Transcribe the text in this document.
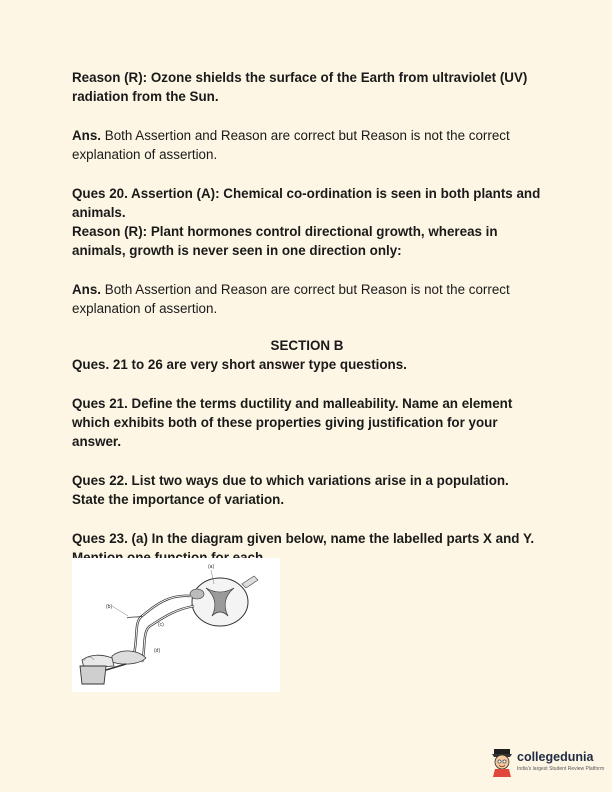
Reason (R): Ozone shields the surface of the Earth from ultraviolet (UV) radiation from the Sun.

Ans. Both Assertion and Reason are correct but Reason is not the correct explanation of assertion.

Ques 20. Assertion (A): Chemical co-ordination is seen in both plants and animals.

Reason (R): Plant hormones control directional growth, whereas in animals, growth is never seen in one direction only:

Ans. Both Assertion and Reason are correct but Reason is not the correct explanation of assertion.

SECTION B

Ques. 21 to 26 are very short answer type questions.

Ques 21. Define the terms ductility and malleability. Name an element which exhibits both of these properties giving justification for your answer.

Ques 22. List two ways due to which variations arise in a population. State the importance of variation.

Ques 23. (a) In the diagram given below, name the labelled parts X and Y.

(a)
(b)
(c)
(d)
collegedunia
India's largest Student Review Platform
